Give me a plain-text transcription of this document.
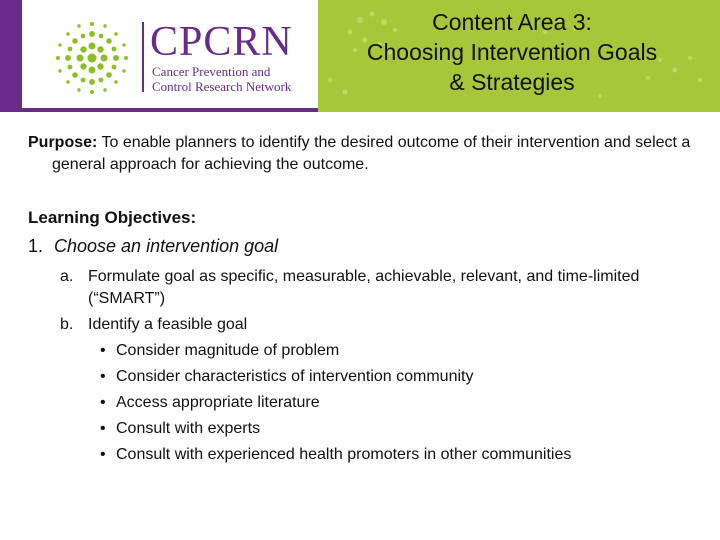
CPCRN
Cancer Prevention and
Control Research Network
Content Area 3:
Choosing Intervention Goals
& Strategies

Purpose: To enable planners to identify the desired outcome of their intervention and select a general approach for achieving the outcome.

Learning Objectives:
1. Choose an intervention goal
a. Formulate goal as specific, measurable, achievable, relevant, and time-limited (“SMART”)
b. Identify a feasible goal
• Consider magnitude of problem
• Consider characteristics of intervention community
• Access appropriate literature
• Consult with experts
• Consult with experienced health promoters in other communities
